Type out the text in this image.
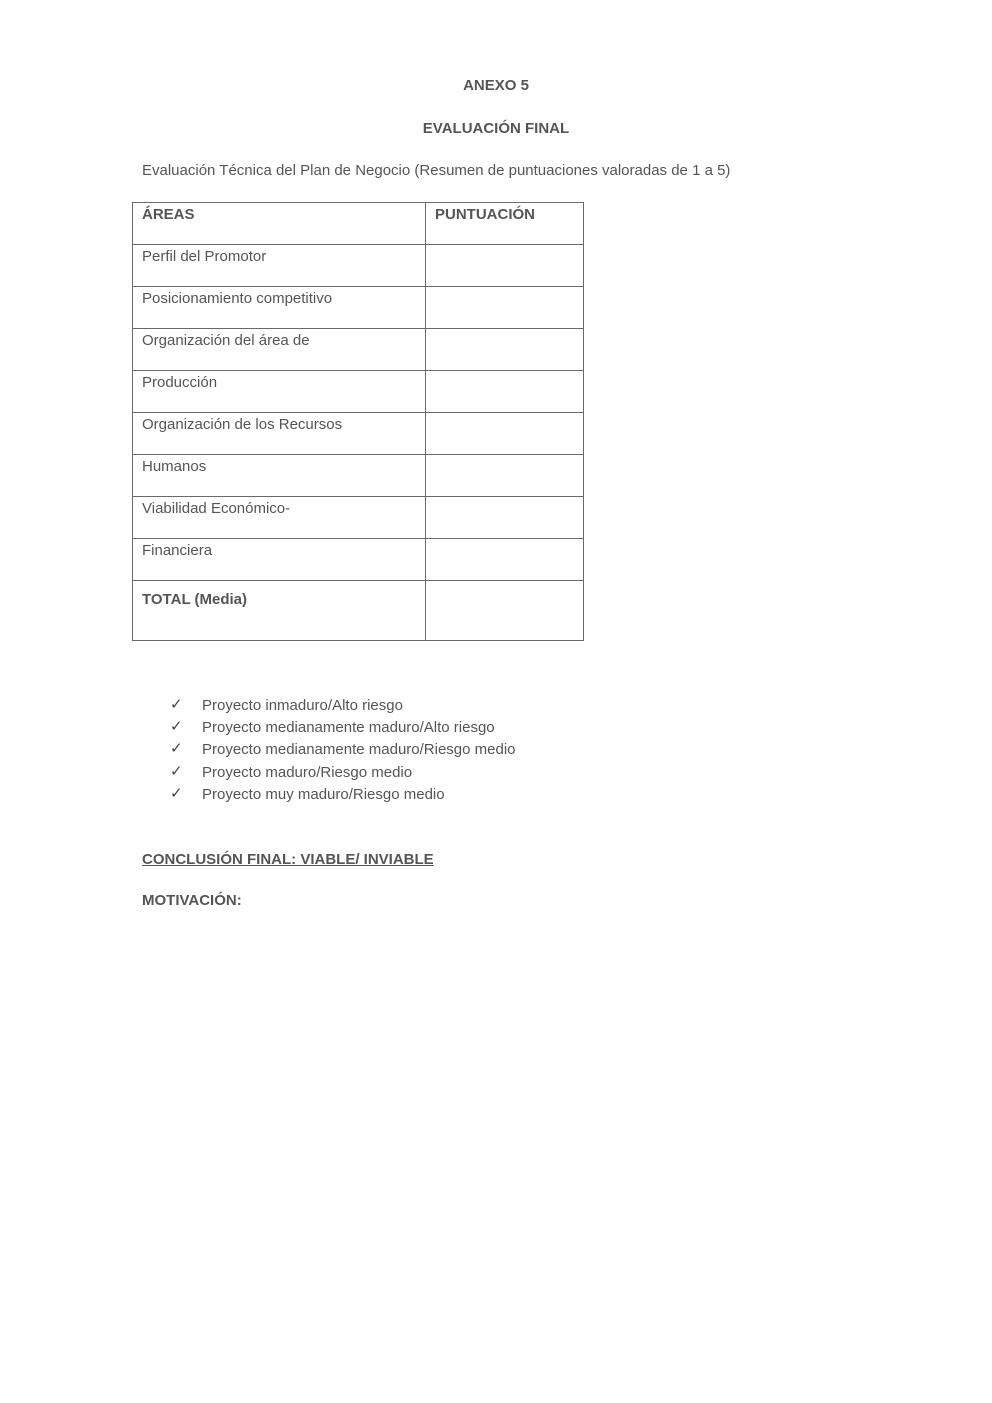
ANEXO 5
EVALUACIÓN FINAL
Evaluación Técnica del Plan de Negocio (Resumen de puntuaciones valoradas de 1 a 5)
ÁREAS	PUNTUACIÓN
Perfil del Promotor	
Posicionamiento competitivo	
Organización del área de	
Producción	
Organización de los Recursos	
Humanos	
Viabilidad Económico-	
Financiera	
TOTAL (Media)	
✓	Proyecto inmaduro/Alto riesgo
✓	Proyecto medianamente maduro/Alto riesgo
✓	Proyecto medianamente maduro/Riesgo medio
✓	Proyecto maduro/Riesgo medio
✓	Proyecto muy maduro/Riesgo medio
CONCLUSIÓN FINAL: VIABLE/ INVIABLE
MOTIVACIÓN:
